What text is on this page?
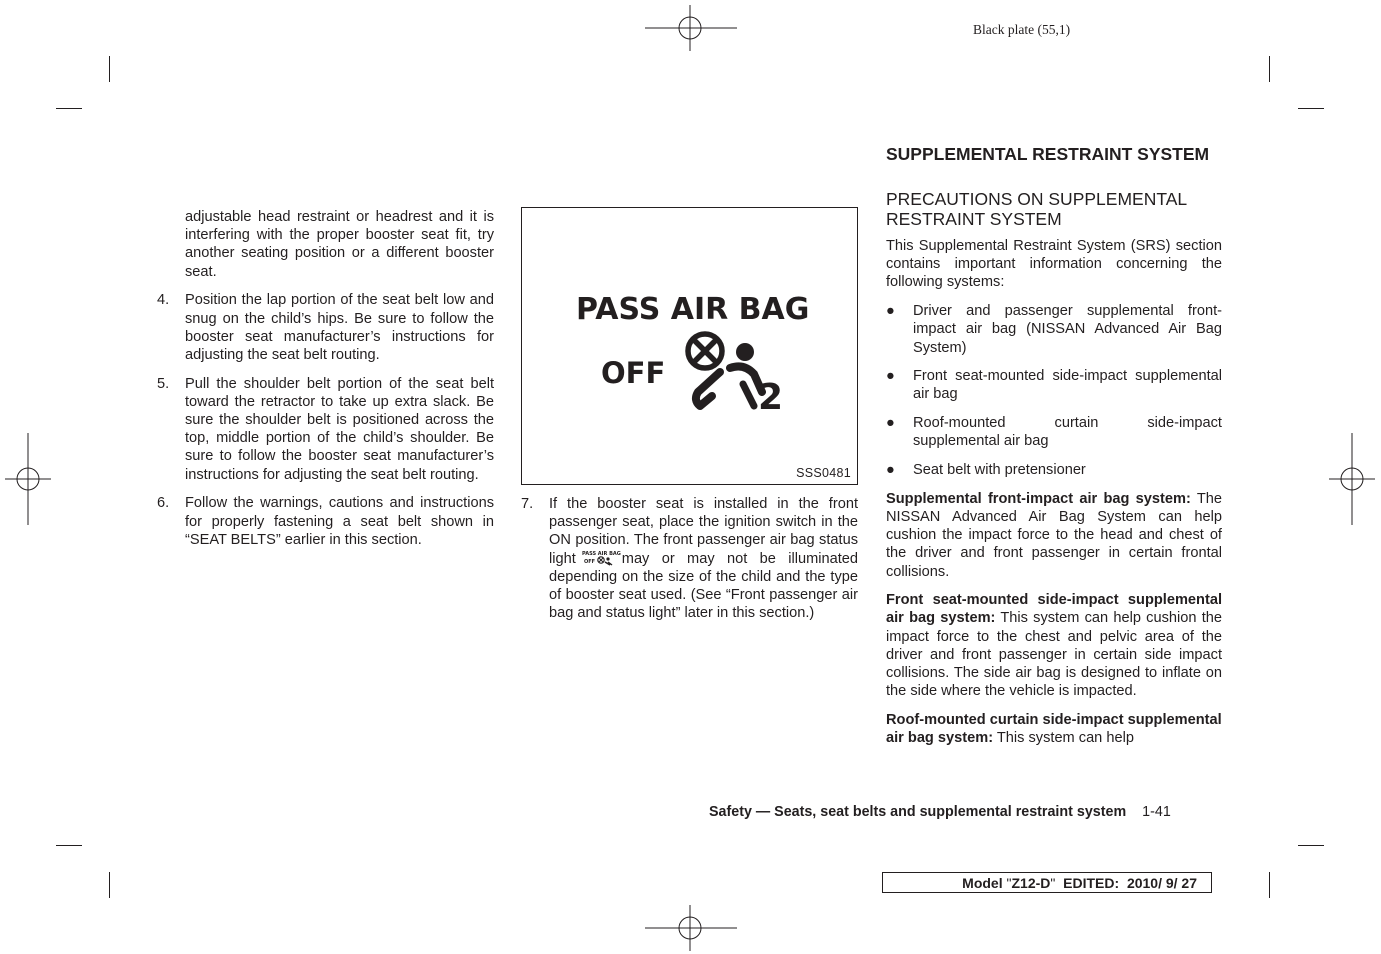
Black plate (55,1)

adjustable head restraint or headrest and it is interfering with the proper booster seat fit, try another seating position or a different booster seat.

4. Position the lap portion of the seat belt low and snug on the child’s hips. Be sure to follow the booster seat manufacturer’s instructions for adjusting the seat belt routing.
5. Pull the shoulder belt portion of the seat belt toward the retractor to take up extra slack. Be sure the shoulder belt is positioned across the top, middle portion of the child’s shoulder. Be sure to follow the booster seat manufacturer’s instructions for adjusting the seat belt routing.
6. Follow the warnings, cautions and instructions for properly fastening a seat belt shown in “SEAT BELTS” earlier in this section.
PASS AIR BAG
OFF
2
SSS0481
7. If the booster seat is installed in the front passenger seat, place the ignition switch in the ON position. The front passenger air bag status light PASS AIR BAG
OFF may or may not be illuminated depending on the size of the child and the type of booster seat used. (See “Front passenger air bag and status light” later in this section.)
SUPPLEMENTAL RESTRAINT SYSTEM
PRECAUTIONS ON SUPPLEMENTAL RESTRAINT SYSTEM

This Supplemental Restraint System (SRS) section contains important information concerning the following systems:

● Driver and passenger supplemental front-impact air bag (NISSAN Advanced Air Bag System)
● Front seat-mounted side-impact supplemental air bag
● Roof-mounted curtain side-impact supplemental air bag
● Seat belt with pretensioner

Supplemental front-impact air bag system: The NISSAN Advanced Air Bag System can help cushion the impact force to the head and chest of the driver and front passenger in certain frontal collisions.

Front seat-mounted side-impact supplemental air bag system: This system can help cushion the impact force to the chest and pelvic area of the driver and front passenger in certain side impact collisions. The side air bag is designed to inflate on the side where the vehicle is impacted.

Roof-mounted curtain side-impact supplemental air bag system: This system can help

Safety — Seats, seat belts and supplemental restraint system 1-41
Model "Z12-D" EDITED: 2010/ 9/ 27
